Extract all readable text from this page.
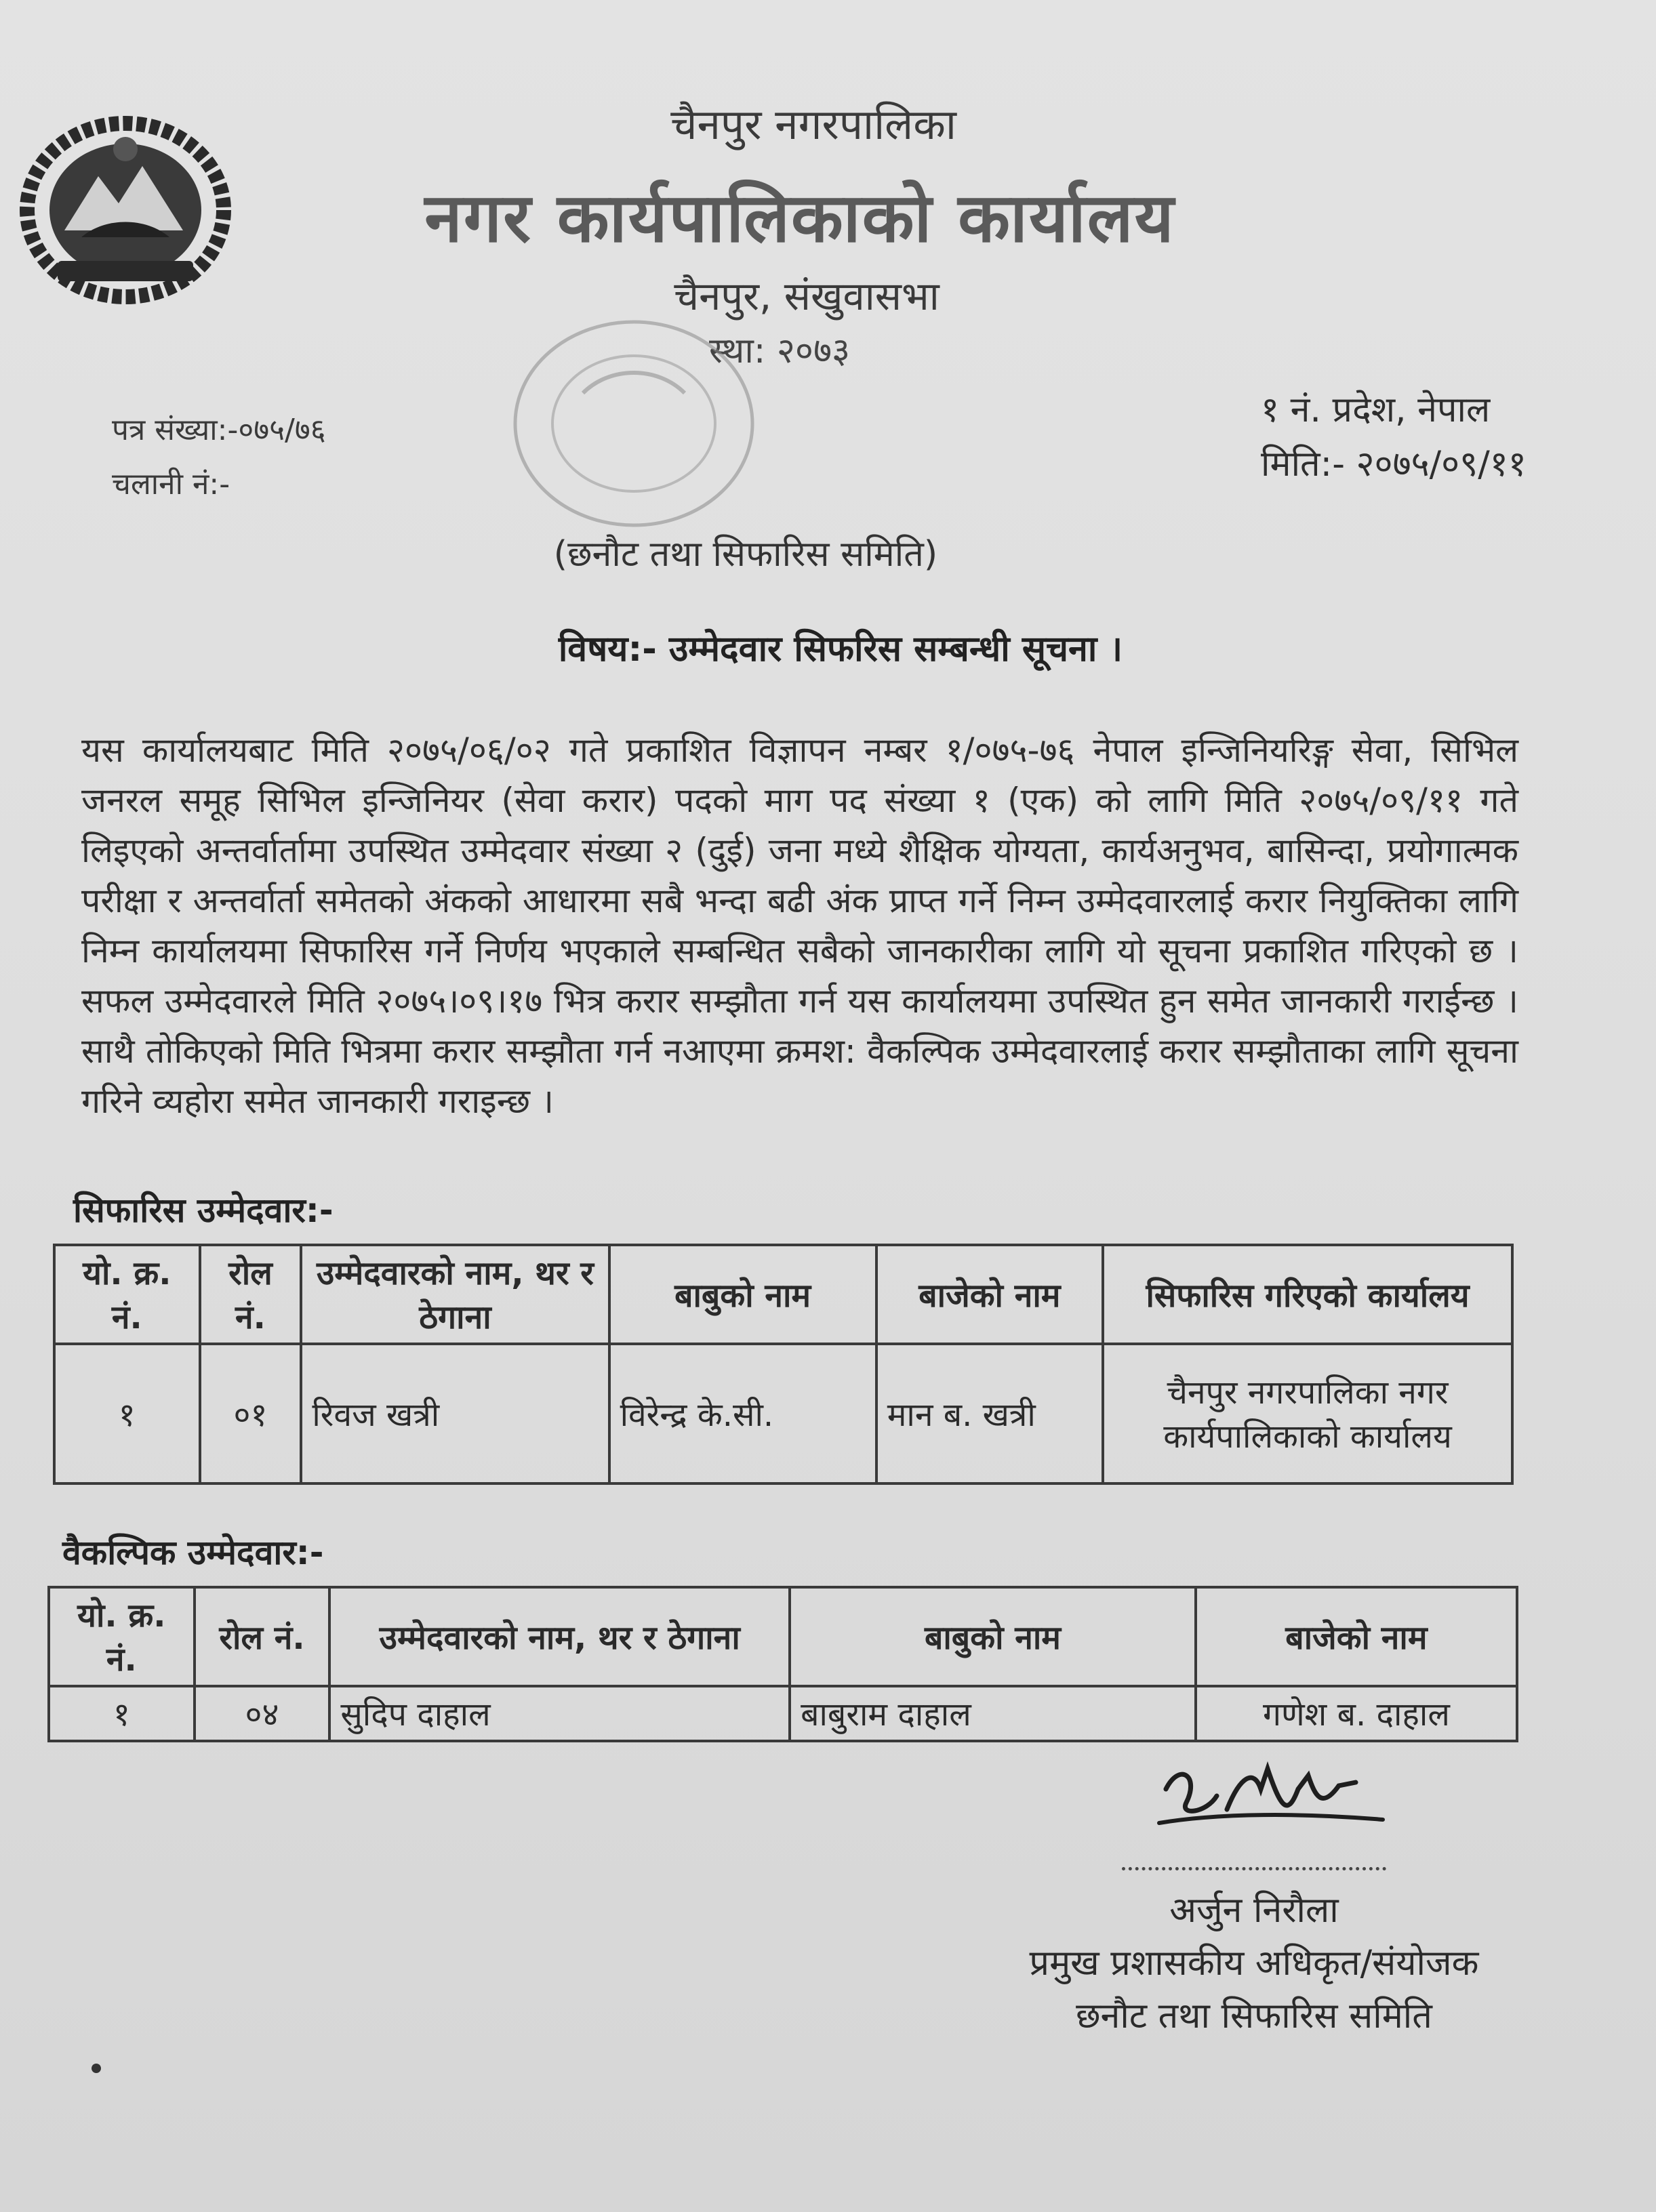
चैनपुर नगरपालिका
नगर कार्यपालिकाको कार्यालय
चैनपुर, संखुवासभा
स्था: २०७३
पत्र संख्या:-०७५/७६
चलानी नं:-
१ नं. प्रदेश, नेपाल
मिति:- २०७५/०९/११
(छनौट तथा सिफारिस समिति)
विषय:- उम्मेदवार सिफरिस सम्बन्धी सूचना ।
यस कार्यालयबाट मिति २०७५/०६/०२ गते प्रकाशित विज्ञापन नम्बर १/०७५-७६ नेपाल इन्जिनियरिङ्ग सेवा, सिभिल जनरल समूह सिभिल इन्जिनियर (सेवा करार) पदको माग पद संख्या १ (एक) को लागि मिति २०७५/०९/११ गते लिइएको अन्तर्वार्तामा उपस्थित उम्मेदवार संख्या २ (दुई) जना मध्ये शैक्षिक योग्यता, कार्यअनुभव, बासिन्दा, प्रयोगात्मक परीक्षा र अन्तर्वार्ता समेतको अंकको आधारमा सबै भन्दा बढी अंक प्राप्त गर्ने निम्न उम्मेदवारलाई करार नियुक्तिका लागि निम्न कार्यालयमा सिफारिस गर्ने निर्णय भएकाले सम्बन्धित सबैको जानकारीका लागि यो सूचना प्रकाशित गरिएको छ । सफल उम्मेदवारले मिति २०७५।०९।१७ भित्र करार सम्झौता गर्न यस कार्यालयमा उपस्थित हुन समेत जानकारी गराईन्छ । साथै तोकिएको मिति भित्रमा करार सम्झौता गर्न नआएमा क्रमश: वैकल्पिक उम्मेदवारलाई करार सम्झौताका लागि सूचना गरिने व्यहोरा समेत जानकारी गराइन्छ ।
सिफारिस उम्मेदवार:-
यो. क्र. नं.	रोल नं.	उम्मेदवारको नाम, थर र ठेगाना	बाबुको नाम	बाजेको नाम	सिफारिस गरिएको कार्यालय
१	०१	रिवज खत्री	विरेन्द्र के.सी.	मान ब. खत्री	चैनपुर नगरपालिका नगर कार्यपालिकाको कार्यालय
वैकल्पिक उम्मेदवार:-
यो. क्र. नं.	रोल नं.	उम्मेदवारको नाम, थर र ठेगाना	बाबुको नाम	बाजेको नाम
१	०४	सुदिप दाहाल	बाबुराम दाहाल	गणेश ब. दाहाल
अर्जुन निरौला
प्रमुख प्रशासकीय अधिकृत/संयोजक
छनौट तथा सिफारिस समिति
